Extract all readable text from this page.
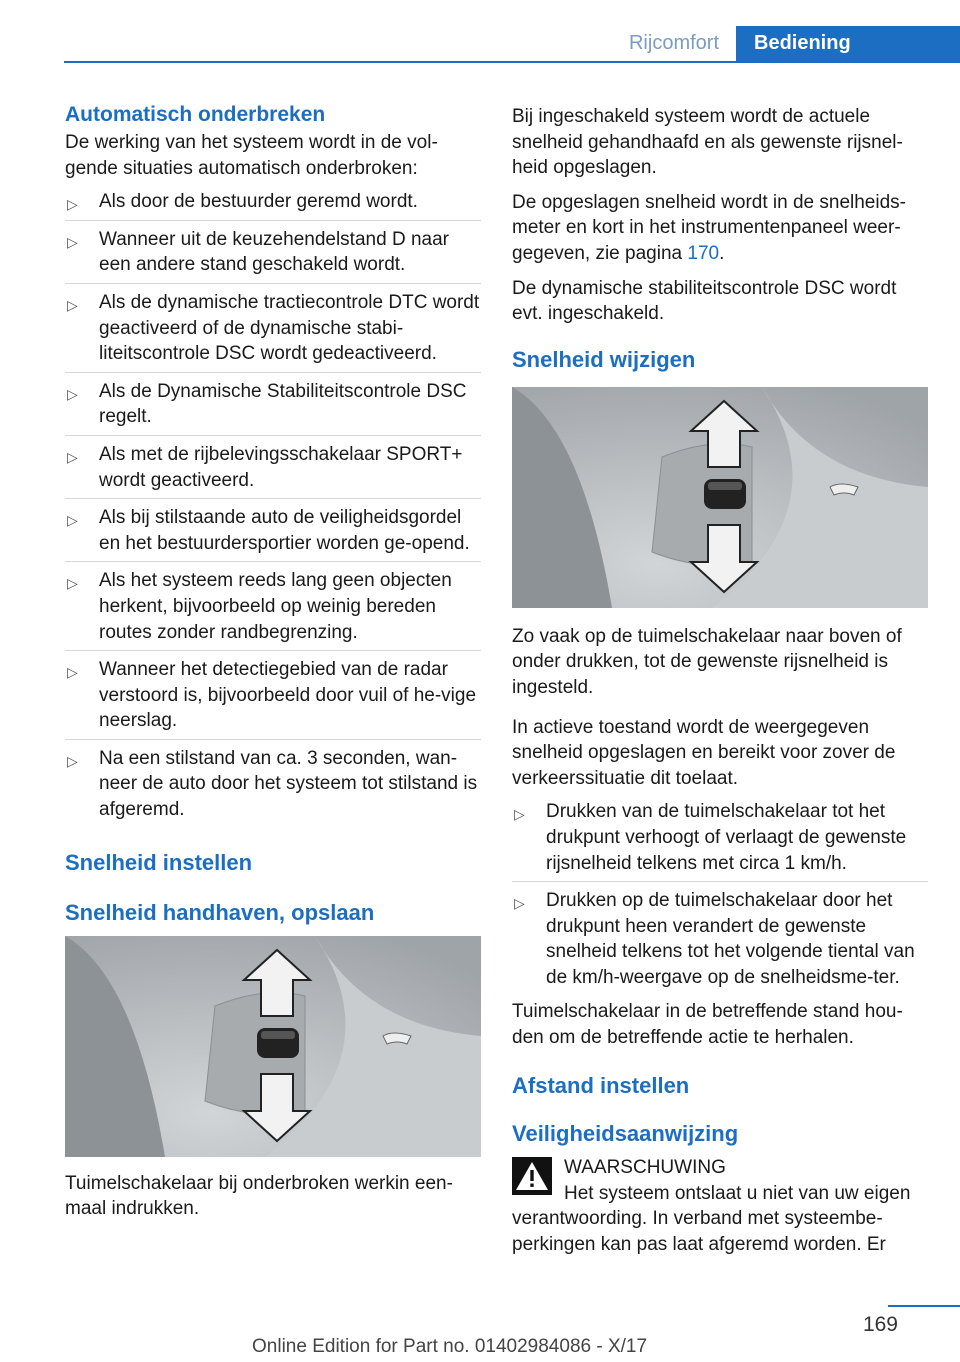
Rijcomfort	Bediening
Automatisch onderbreken

De werking van het systeem wordt in de vol-gende situaties automatisch onderbroken:

▷ Als door de bestuurder geremd wordt.
▷ Wanneer uit de keuzehendelstand D naar een andere stand geschakeld wordt.
▷ Als de dynamische tractiecontrole DTC wordt geactiveerd of de dynamische stabi-liteitscontrole DSC wordt gedeactiveerd.
▷ Als de Dynamische Stabiliteitscontrole DSC regelt.
▷ Als met de rijbelevingsschakelaar SPORT+ wordt geactiveerd.
▷ Als bij stilstaande auto de veiligheidsgordel en het bestuurdersportier worden ge-opend.
▷ Als het systeem reeds lang geen objecten herkent, bijvoorbeeld op weinig bereden routes zonder randbegrenzing.
▷ Wanneer het detectiegebied van de radar verstoord is, bijvoorbeeld door vuil of he-vige neerslag.
▷ Na een stilstand van ca. 3 seconden, wan-neer de auto door het systeem tot stilstand is afgeremd.
Snelheid instellen
Snelheid handhaven, opslaan

Tuimelschakelaar bij onderbroken werkin een-maal indrukken.

Bij ingeschakeld systeem wordt de actuele snelheid gehandhaafd en als gewenste rijsnel-heid opgeslagen.

De opgeslagen snelheid wordt in de snelheids-meter en kort in het instrumentenpaneel weer-gegeven, zie pagina 170.

De dynamische stabiliteitscontrole DSC wordt evt. ingeschakeld.

Snelheid wijzigen

Zo vaak op de tuimelschakelaar naar boven of onder drukken, tot de gewenste rijsnelheid is ingesteld.

In actieve toestand wordt de weergegeven snelheid opgeslagen en bereikt voor zover de verkeerssituatie dit toelaat.

▷ Drukken van de tuimelschakelaar tot het drukpunt verhoogt of verlaagt de gewenste rijsnelheid telkens met circa 1 km/h.
▷ Drukken op de tuimelschakelaar door het drukpunt heen verandert de gewenste snelheid telkens tot het volgende tiental van de km/h-weergave op de snelheidsme-ter.

Tuimelschakelaar in de betreffende stand hou-den om de betreffende actie te herhalen.

Afstand instellen
Veiligheidsaanwijzing
WAARSCHUWING
Het systeem ontslaat u niet van uw eigen
verantwoording. In verband met systeembe-perkingen kan pas laat afgeremd worden. Er
169
Online Edition for Part no. 01402984086 - X/17
